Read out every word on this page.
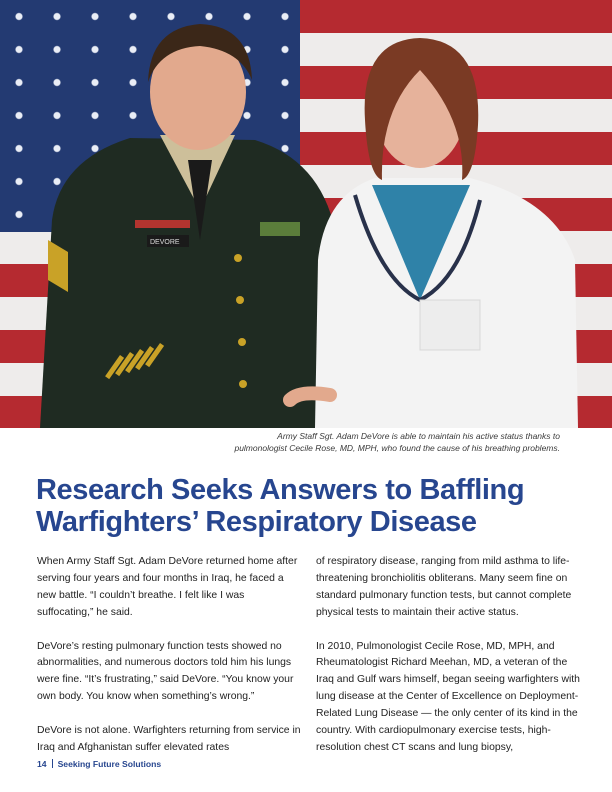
DEVORE
Army Staff Sgt. Adam DeVore is able to maintain his active status thanks to
pulmonologist Cecile Rose, MD, MPH, who found the cause of his breathing problems.
Research Seeks Answers to Baffling
Warfighters’ Respiratory Disease

When Army Staff Sgt. Adam DeVore returned home after serving four years and four months in Iraq, he faced a new battle. “I couldn’t breathe. I felt like I was suffocating,” he said.

DeVore’s resting pulmonary function tests showed no abnormalities, and numerous doctors told him his lungs were fine. “It’s frustrating,” said DeVore. “You know your own body. You know when something’s wrong.”

DeVore is not alone. Warfighters returning from service in Iraq and Afghanistan suffer elevated rates

of respiratory disease, ranging from mild asthma to life-threatening bronchiolitis obliterans. Many seem fine on standard pulmonary function tests, but cannot complete physical tests to maintain their active status.

In 2010, Pulmonologist Cecile Rose, MD, MPH, and Rheumatologist Richard Meehan, MD, a veteran of the Iraq and Gulf wars himself, began seeing warfighters with lung disease at the Center of Excellence on Deployment-Related Lung Disease — the only center of its kind in the country. With cardiopulmonary exercise tests, high-resolution chest CT scans and lung biopsy,

14 Seeking Future Solutions
